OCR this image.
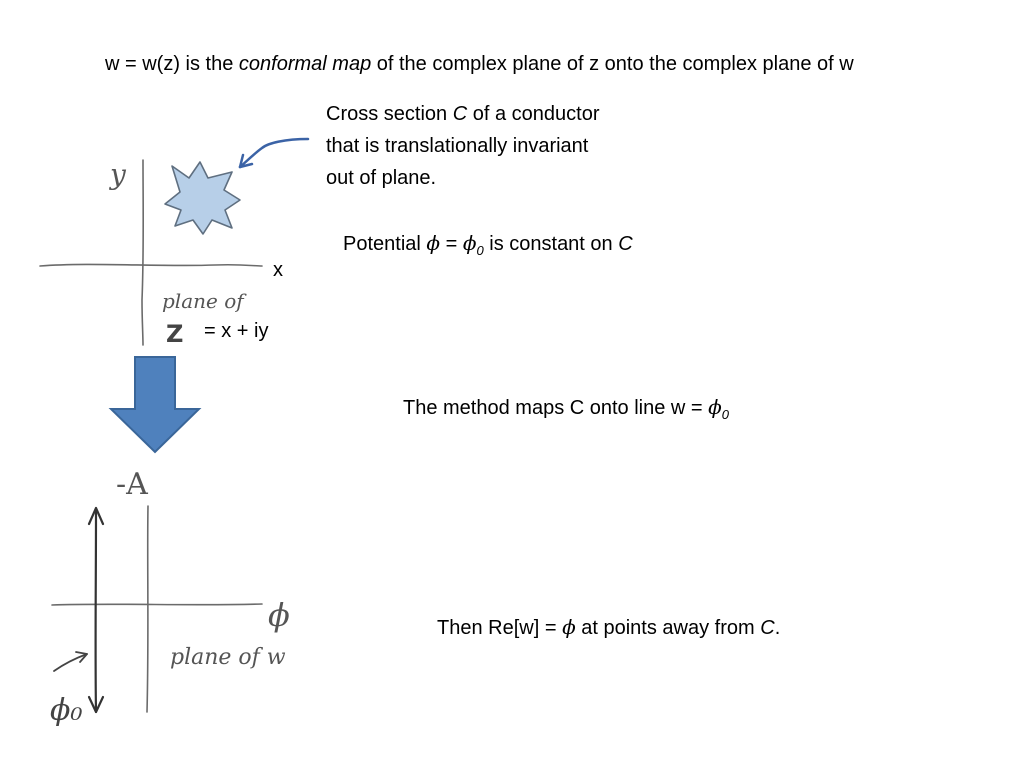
w = w(z) is the conformal map of the complex plane of z onto the complex plane of w
Cross section C of a conductor
that is translationally invariant
out of plane.
Potential $\phi = \phi_0$ is constant on C
The method maps C onto line $w = \phi_0$
Then Re[w] = ϕ at points away from C.
x
= x + iy
y
plane of
Z
-A
ϕ
plane of w
ϕ₀
